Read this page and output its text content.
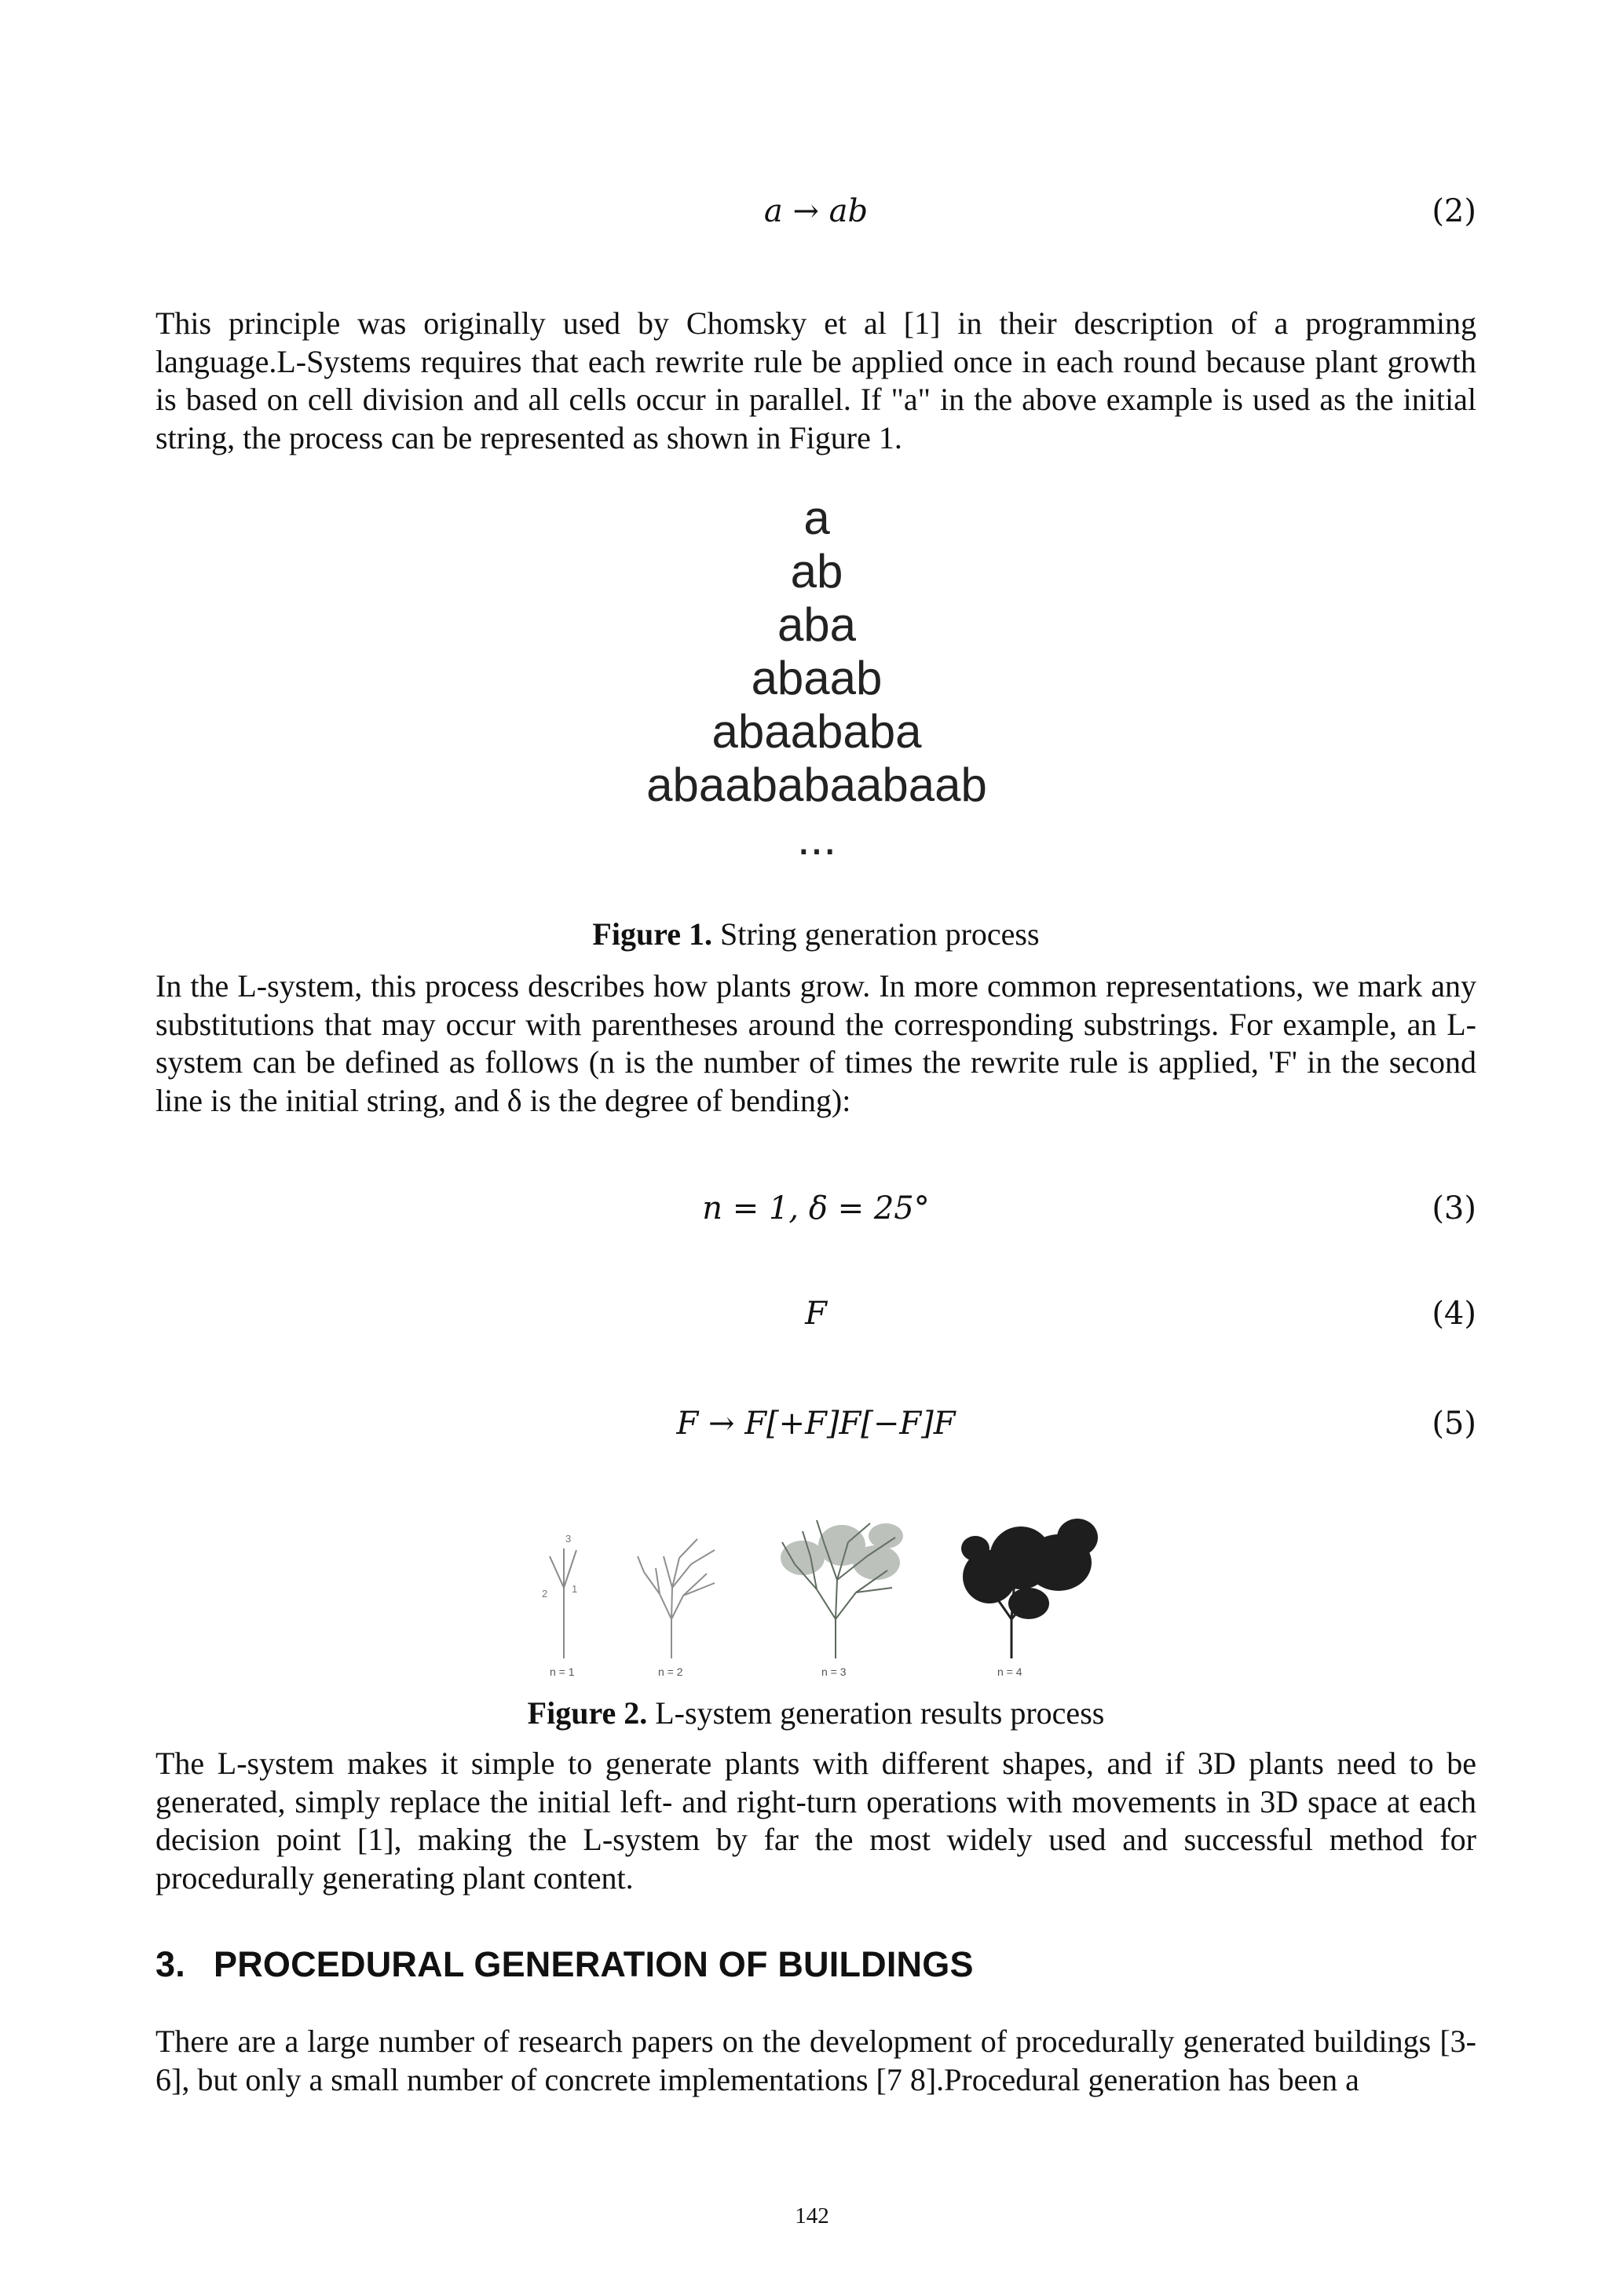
a → ab	(2)
This principle was originally used by Chomsky et al [1] in their description of a programming language.L-Systems requires that each rewrite rule be applied once in each round because plant growth is based on cell division and all cells occur in parallel. If "a" in the above example is used as the initial string, the process can be represented as shown in Figure 1.
a
ab
aba
abaab
abaababa
abaababaabaab
...
Figure 1. String generation process
In the L-system, this process describes how plants grow. In more common representations, we mark any substitutions that may occur with parentheses around the corresponding substrings. For example, an L-system can be defined as follows (n is the number of times the rewrite rule is applied, 'F' in the second line is the initial string, and δ is the degree of bending):
n = 1, δ = 25°	(3)
F	(4)
F → F[+F]F[−F]F	(5)
2 1
3
n = 1	n = 2	n = 3	n = 4
Figure 2. L-system generation results process
The L-system makes it simple to generate plants with different shapes, and if 3D plants need to be generated, simply replace the initial left- and right-turn operations with movements in 3D space at each decision point [1], making the L-system by far the most widely used and successful method for procedurally generating plant content.
3. PROCEDURAL GENERATION OF BUILDINGS
There are a large number of research papers on the development of procedurally generated buildings [3-6], but only a small number of concrete implementations [7 8].Procedural generation has been a
142
